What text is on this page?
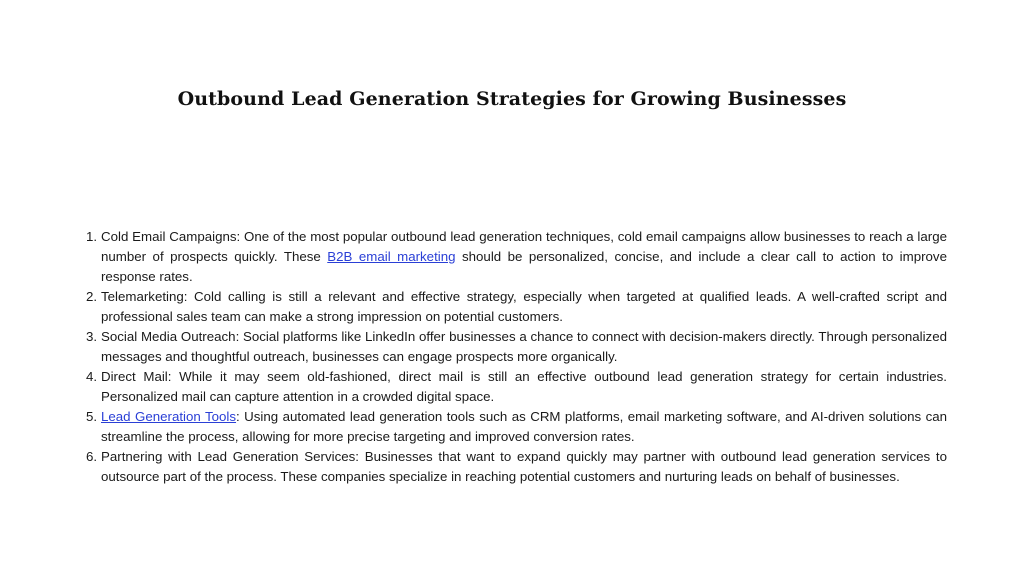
Outbound Lead Generation Strategies for Growing Businesses
1. Cold Email Campaigns: One of the most popular outbound lead generation techniques, cold email campaigns allow businesses to reach a large number of prospects quickly. These B2B email marketing should be personalized, concise, and include a clear call to action to improve response rates.
2. Telemarketing: Cold calling is still a relevant and effective strategy, especially when targeted at qualified leads. A well-crafted script and professional sales team can make a strong impression on potential customers.
3. Social Media Outreach: Social platforms like LinkedIn offer businesses a chance to connect with decision-makers directly. Through personalized messages and thoughtful outreach, businesses can engage prospects more organically.
4. Direct Mail: While it may seem old-fashioned, direct mail is still an effective outbound lead generation strategy for certain industries. Personalized mail can capture attention in a crowded digital space.
5. Lead Generation Tools: Using automated lead generation tools such as CRM platforms, email marketing software, and AI-driven solutions can streamline the process, allowing for more precise targeting and improved conversion rates.
6. Partnering with Lead Generation Services: Businesses that want to expand quickly may partner with outbound lead generation services to outsource part of the process. These companies specialize in reaching potential customers and nurturing leads on behalf of businesses.
